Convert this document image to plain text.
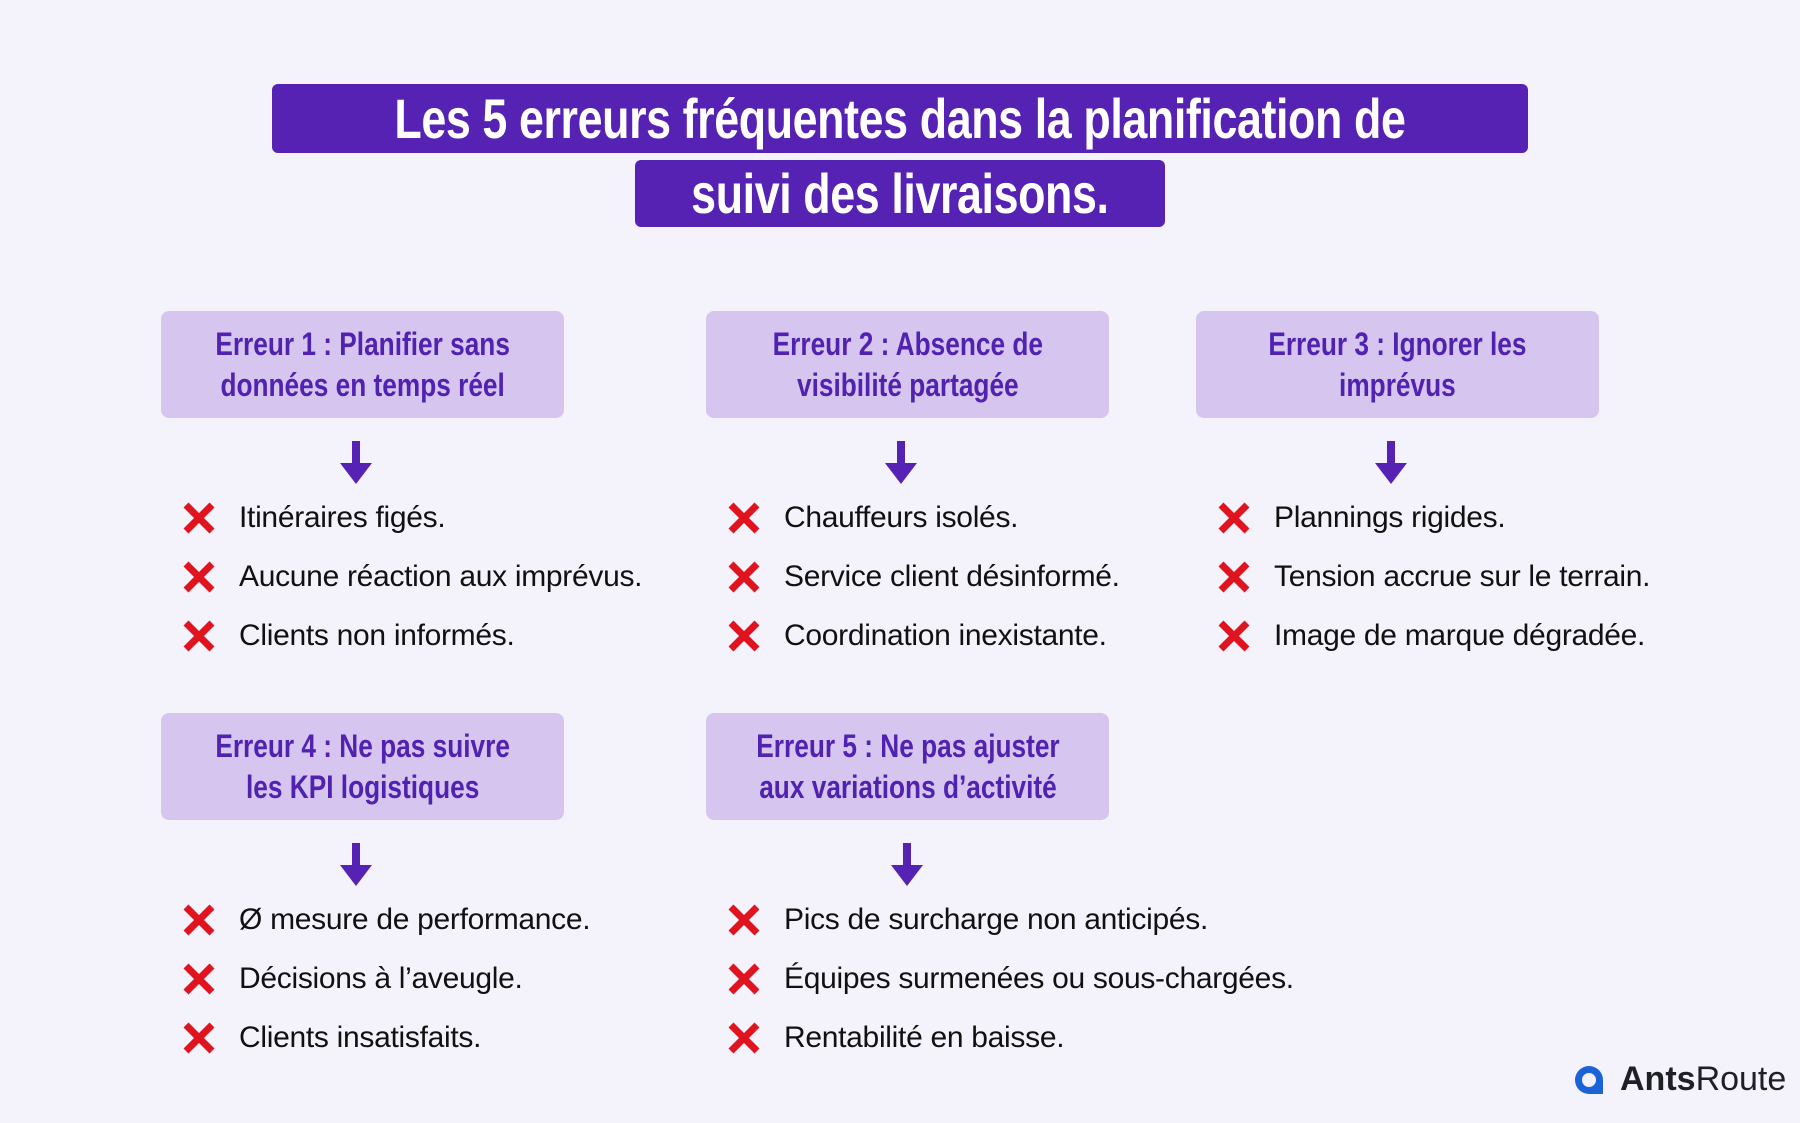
Les 5 erreurs fréquentes dans la planification de
suivi des livraisons.
Erreur 1 : Planifier sans
données en temps réel
Itinéraires figés.
Aucune réaction aux imprévus.
Clients non informés.
Erreur 2 : Absence de
visibilité partagée
Chauffeurs isolés.
Service client désinformé.
Coordination inexistante.
Erreur 3 : Ignorer les
imprévus
Plannings rigides.
Tension accrue sur le terrain.
Image de marque dégradée.
Erreur 4 : Ne pas suivre
les KPI logistiques
Ø mesure de performance.
Décisions à l’aveugle.
Clients insatisfaits.
Erreur 5 : Ne pas ajuster
aux variations d’activité
Pics de surcharge non anticipés.
Équipes surmenées ou sous-chargées.
Rentabilité en baisse.
Ants Route
